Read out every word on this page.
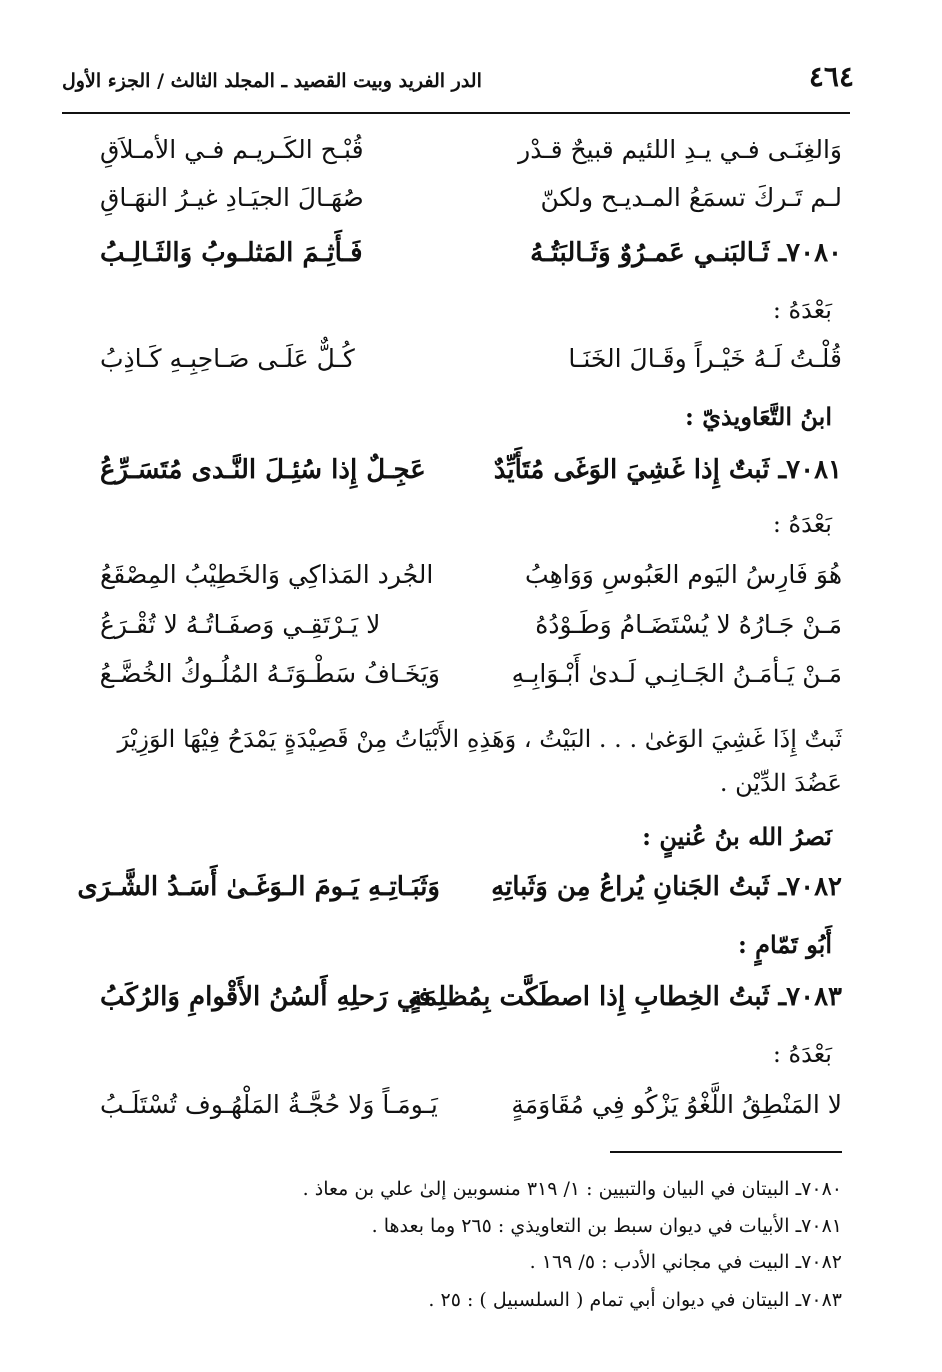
٤٦٤
الدر الفريد وبيت القصيد ـ المجلد الثالث / الجزء الأول
وَالغِنَـى فـي يـدِ اللئيم قبيحٌ قـدْر
قُبْـح الكَـريـم فـي الأمـلاَقِ
لـم تَـركَ تسمَعُ المـديـح ولكنّ
صُهَـالَ الجيَـادِ غيـرُ النهَـاقِ
٧٠٨٠ـ ثَـالبَنـي عَمـرُوٌ وَثَـالبَتُـهُ
فَـأَثِـمَ المَثلـوبُ وَالثَـالِـبُ
بَعْدَهُ :
قُلْـتُ لَـهُ خَيْـراً وقَـالَ الخَنَـا
كُـلٌّ عَلَـى صَـاحِبِـهِ كَـاذِبُ
ابنُ التَّعَاويذيّ :
٧٠٨١ـ ثَبتٌ إِذا غَشِيَ الوَغَى مُتَأَيِّدٌ
عَجِـلٌ إِذا سُئِـلَ النَّـدى مُتَسَـرِّعُ
بَعْدَهُ :
هُوَ فَارِسُ اليَوم العَبُوسِ وَوَاهِبُ
الجُرد المَذاكِي وَالخَطِيْبُ المِصْقَعُ
مَـنْ جَـارُهُ لا يُسْتَضَـامُ وَطَـوْدُهُ
لا يَـرْتَقِـي وَصفَـاتُـهُ لا تُقْـرَعُ
مَـنْ يَـأمَـنُ الجَـانِـي لَـدىٰ أَبْـوَابِـهِ
وَيَخَـافُ سَطْـوَتَـهُ المُلُـوكُ الخُضَّـعُ
ثَبتٌ إِذَا غَشِيَ الوَغىٰ . . . البَيْتُ ، وَهَذِهِ الأَبْيَاتُ مِنْ قَصِيْدَةٍ يَمْدَحُ فِيْهَا الوَزِيْرَ
عَضُدَ الدِّيْن .
نَصرُ الله بنُ عُنينٍ :
٧٠٨٢ـ ثَبتُ الجَنانِ يُراعُ مِن وَثَباتِهِ
وَثَبَـاتِـهِ يَـومَ الـوَغَـىٰ أَسَـدُ الشَّـرَى
أَبُو تَمّامٍ :
٧٠٨٣ـ ثَبتُ الخِطابِ إِذا اصطَكَّت بِمُظلِمَةٍ
في رَحلِهِ أَلسُنُ الأَقْوامِ وَالرُكَبُ
بَعْدَهُ :
لا المَنْطِقُ اللَّغْوُ يَزْكُو فِي مُقَاوَمَةٍ
يَـومَـاً وَلا حُجَّـةُ المَلْهُـوف تُسْتَلَـبُ
٧٠٨٠ـ البيتان في البيان والتبيين : ١/ ٣١٩ منسوبين إلىٰ علي بن معاذ .
٧٠٨١ـ الأبيات في ديوان سبط بن التعاويذي : ٢٦٥ وما بعدها .
٧٠٨٢ـ البيت في مجاني الأدب : ٥/ ١٦٩ .
٧٠٨٣ـ البيتان في ديوان أبي تمام ( السلسبيل ) : ٢٥ .
